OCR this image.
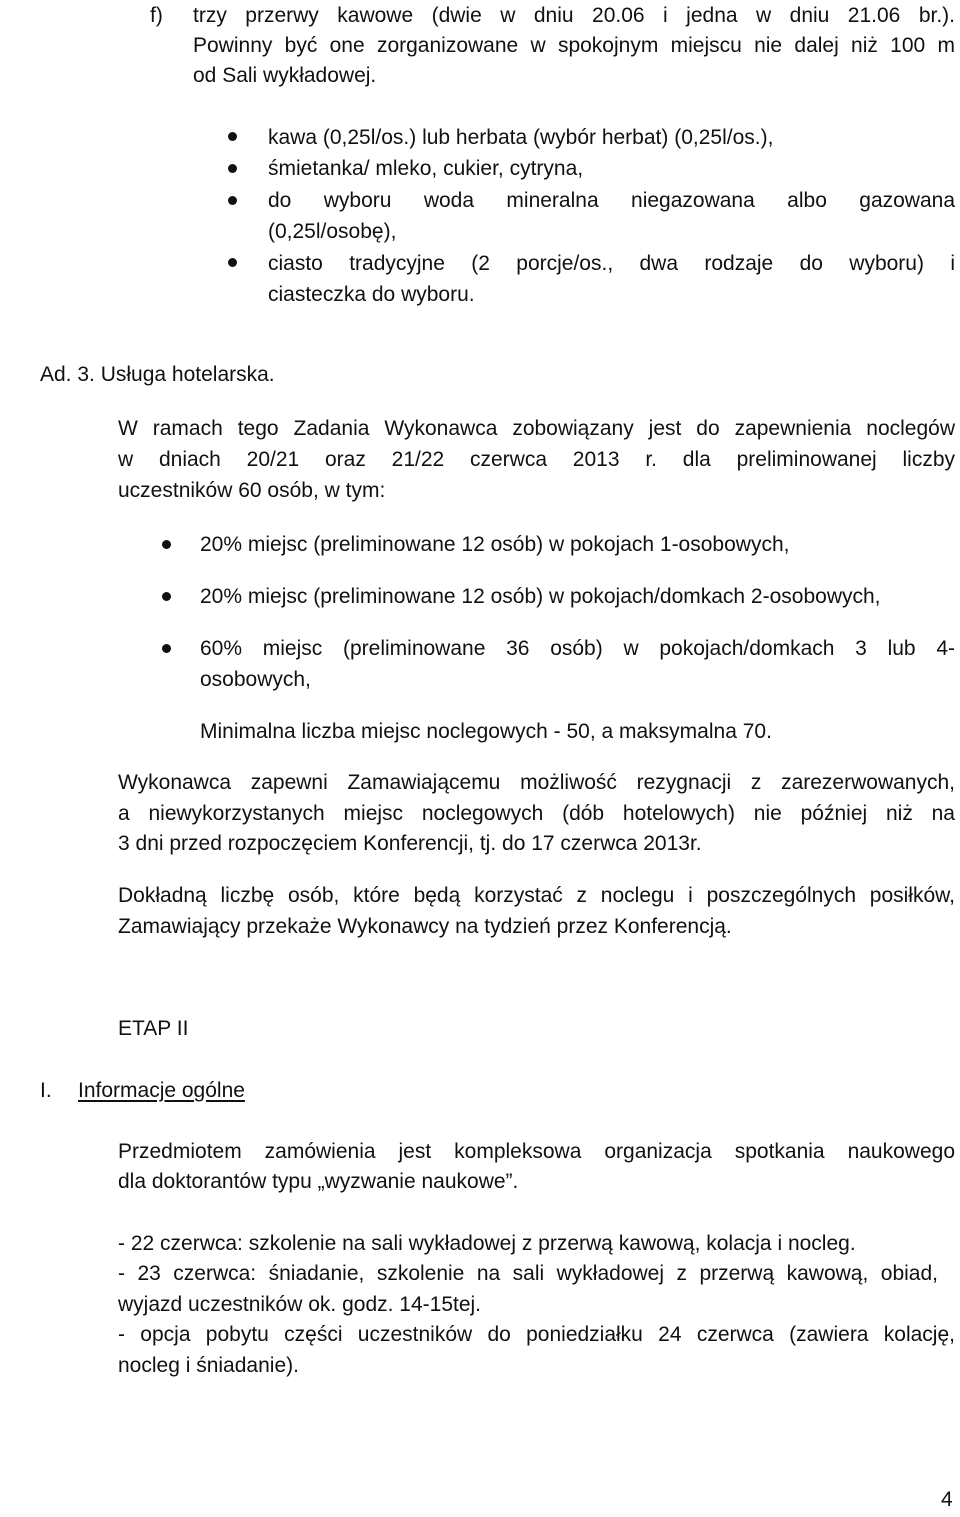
f) trzy przerwy kawowe (dwie w dniu 20.06 i jedna w dniu 21.06 br.).
Powinny być one zorganizowane w spokojnym miejscu nie dalej niż 100 m
od Sali wykładowej.
kawa (0,25l/os.) lub herbata (wybór herbat) (0,25l/os.),
śmietanka/ mleko, cukier, cytryna,
do wyboru woda mineralna niegazowana albo gazowana
(0,25l/osobę),
ciasto tradycyjne (2 porcje/os., dwa rodzaje do wyboru) i
ciasteczka do wyboru.
Ad. 3. Usługa hotelarska.
W ramach tego Zadania Wykonawca zobowiązany jest do zapewnienia noclegów
w dniach 20/21 oraz 21/22 czerwca 2013 r. dla preliminowanej liczby
uczestników 60 osób, w tym:
20% miejsc (preliminowane 12 osób) w pokojach 1-osobowych,
20% miejsc (preliminowane 12 osób) w pokojach/domkach 2-osobowych,
60% miejsc (preliminowane 36 osób) w pokojach/domkach 3 lub 4-
osobowych,
Minimalna liczba miejsc noclegowych - 50, a maksymalna 70.
Wykonawca zapewni Zamawiającemu możliwość rezygnacji z zarezerwowanych,
a niewykorzystanych miejsc noclegowych (dób hotelowych) nie później niż na
3 dni przed rozpoczęciem Konferencji, tj. do 17 czerwca 2013r.
Dokładną liczbę osób, które będą korzystać z noclegu i poszczególnych posiłków,
Zamawiający przekaże Wykonawcy na tydzień przez Konferencją.
ETAP II
I. Informacje ogólne
Przedmiotem zamówienia jest kompleksowa organizacja spotkania naukowego
dla doktorantów typu „wyzwanie naukowe”.
- 22 czerwca: szkolenie na sali wykładowej z przerwą kawową, kolacja i nocleg.
- 23 czerwca: śniadanie, szkolenie na sali wykładowej z przerwą kawową, obiad,
wyjazd uczestników ok. godz. 14-15tej.
- opcja pobytu części uczestników do poniedziałku 24 czerwca (zawiera kolację,
nocleg i śniadanie).
4
